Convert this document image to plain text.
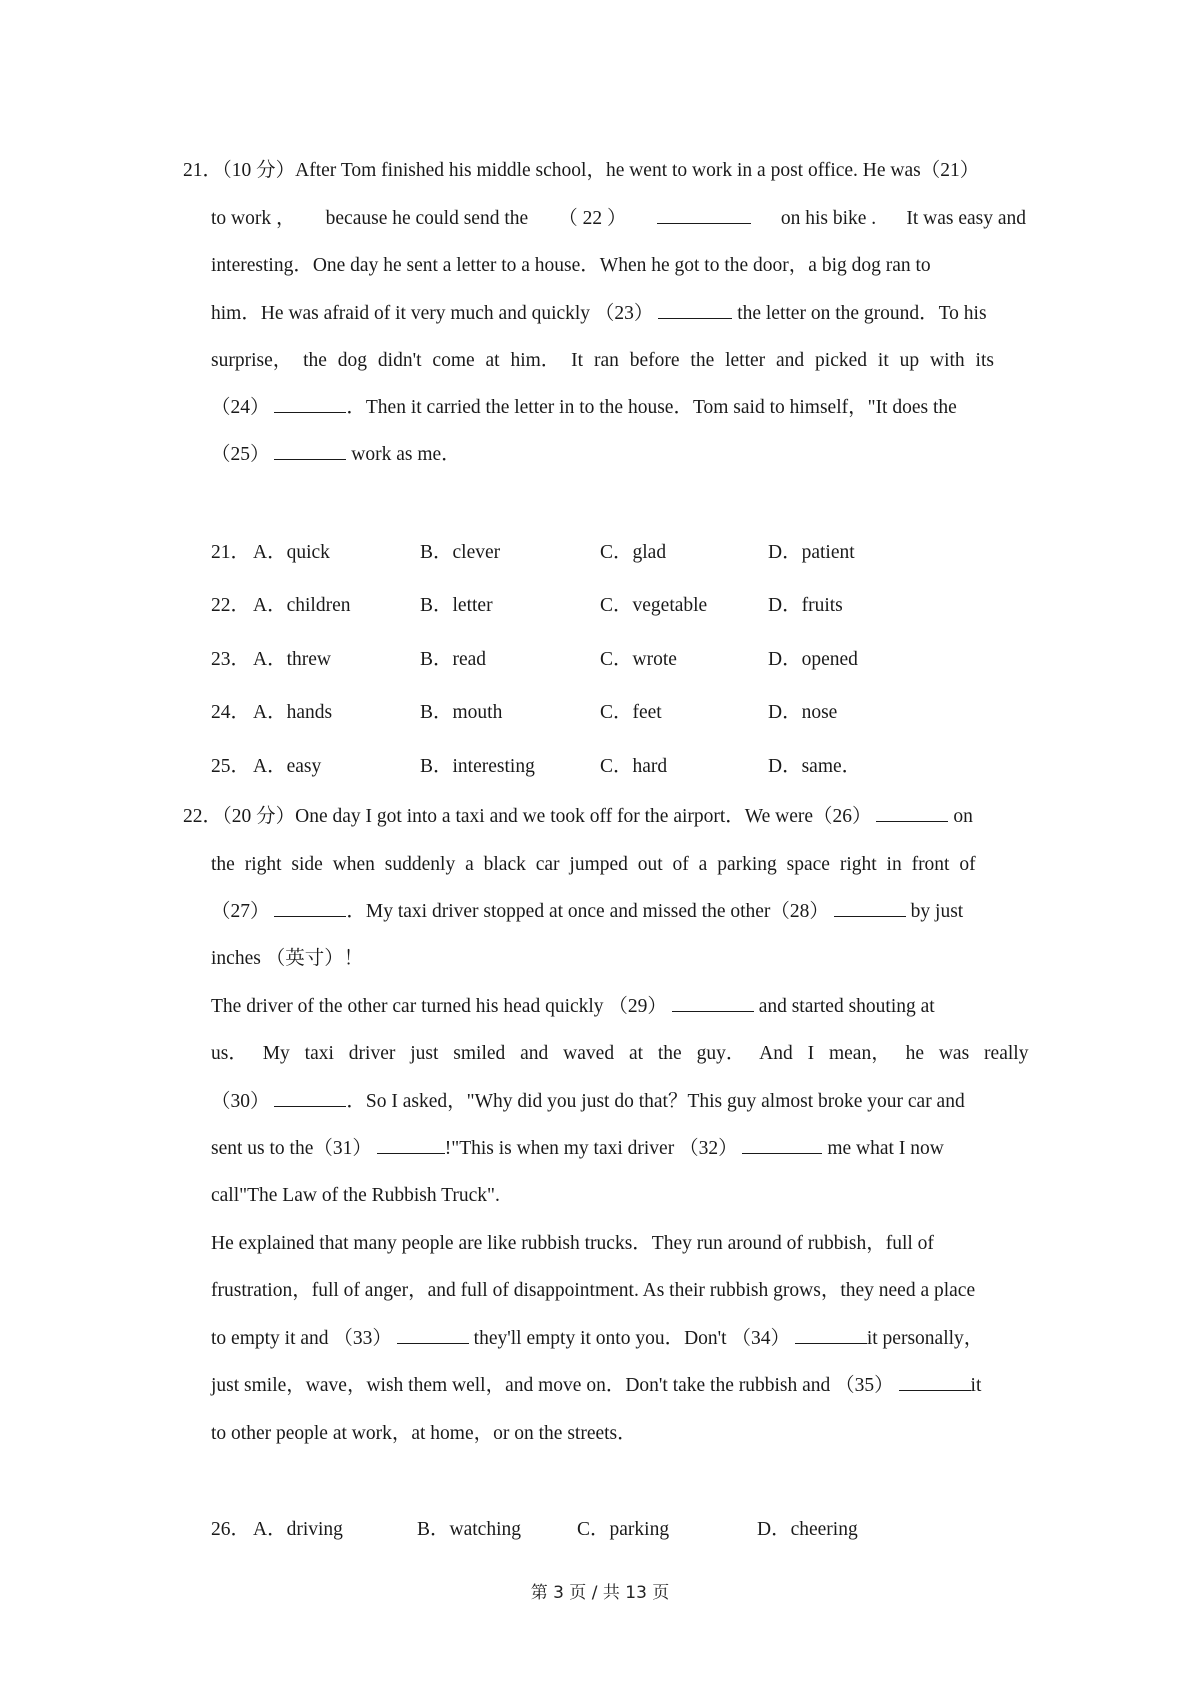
21．（10 分）After Tom finished his middle school，he went to work in a post office. He was（21）
to work ， because he could send the （ 22 ）	on his bike . It was easy and
interesting．One day he sent a letter to a house．When he got to the door，a big dog ran to
him．He was afraid of it very much and quickly （23）	the letter on the ground．To his
surprise， the dog didn't come at him． It ran before the letter and picked it up with its
（24）	．Then it carried the letter in to the house．Tom said to himself，"It does the
（25）	work as me．
21． A．quick	B．clever	C．glad	D．patient
22． A．children	B．letter	C．vegetable	D．fruits
23． A．threw	B．read	C．wrote	D．opened
24． A．hands	B．mouth	C．feet	D．nose
25． A．easy	B．interesting	C．hard	D．same．
22．（20 分）One day I got into a taxi and we took off for the airport．We were（26）	on
the right side when suddenly a black car jumped out of a parking space right in front of
（27）	．My taxi driver stopped at once and missed the other（28）	by just
inches （英寸）！
The driver of the other car turned his head quickly （29）	and started shouting at
us． My taxi driver just smiled and waved at the guy． And I mean， he was really
（30）	．So I asked，"Why did you just do that？This guy almost broke your car and
sent us to the（31）	!"This is when my taxi driver （32）	me what I now
call"The Law of the Rubbish Truck".
He explained that many people are like rubbish trucks．They run around of rubbish，full of
frustration，full of anger，and full of disappointment. As their rubbish grows，they need a place
to empty it and （33）	they'll empty it onto you．Don't （34）	it personally，
just smile，wave，wish them well，and move on．Don't take the rubbish and （35）	it
to other people at work，at home，or on the streets．
26． A．driving	B．watching	C．parking	D．cheering
第 3 页 / 共 13 页
